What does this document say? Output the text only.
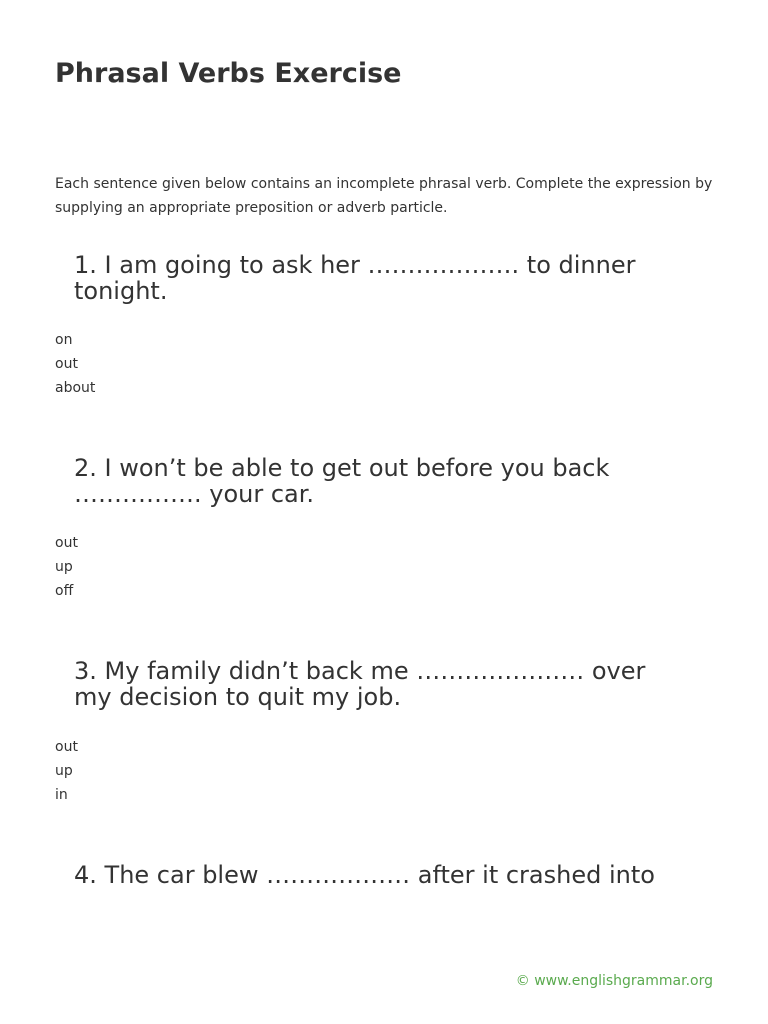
Phrasal Verbs Exercise

Each sentence given below contains an incomplete phrasal verb. Complete the expression by supplying an appropriate preposition or adverb particle.

1. I am going to ask her ………………. to dinner tonight.
on
out
about
2. I won’t be able to get out before you back ……………. your car.
out
up
off
3. My family didn’t back me ………………… over my decision to quit my job.
out
up
in
4. The car blew ……………… after it crashed into
© www.englishgrammar.org
